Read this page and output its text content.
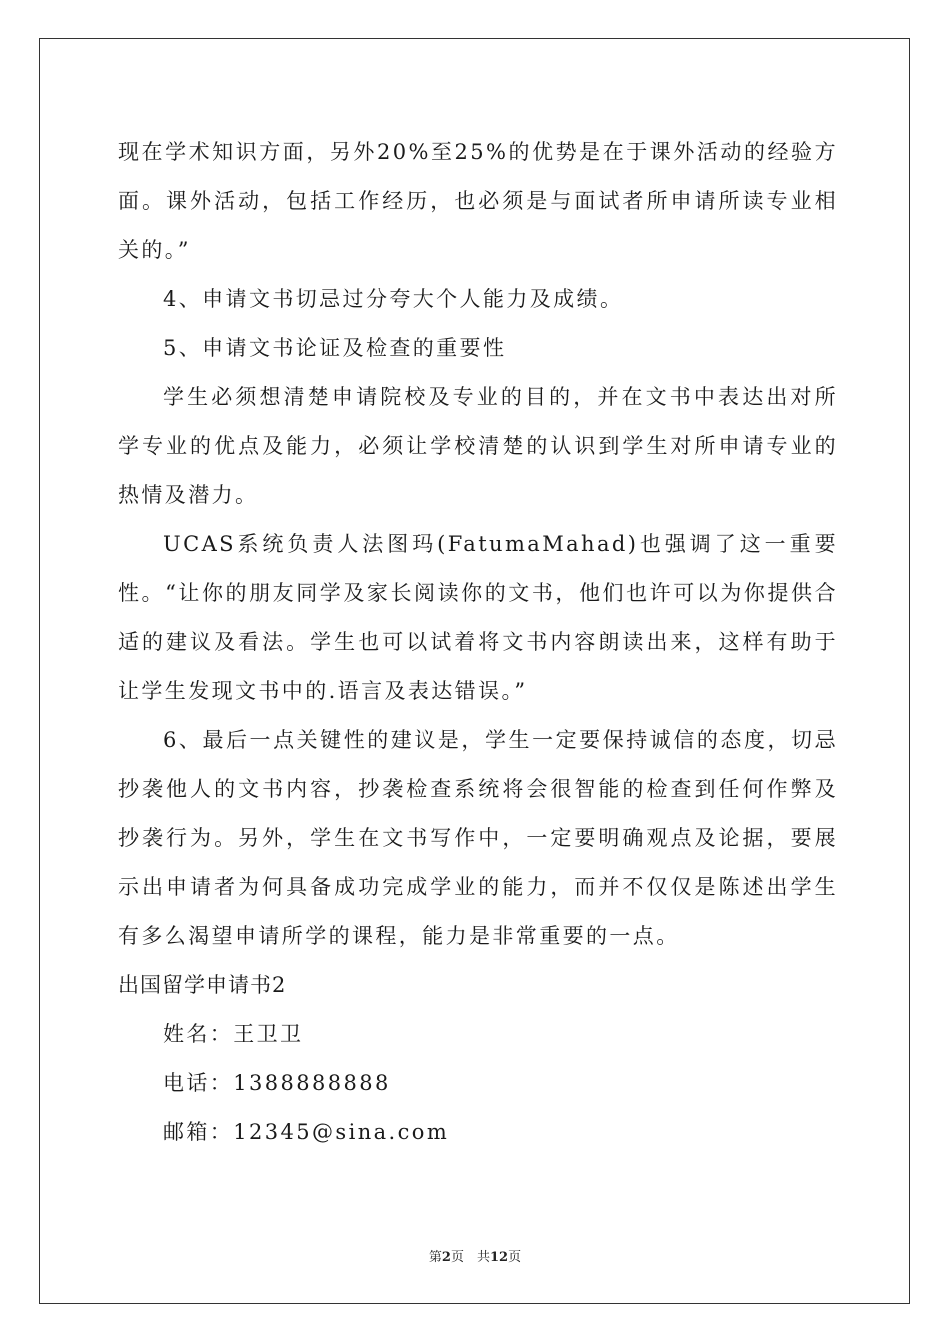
现在学术知识方面，另外20%至25%的优势是在于课外活动的经验方面。课外活动，包括工作经历，也必须是与面试者所申请所读专业相关的。”

4、申请文书切忌过分夸大个人能力及成绩。

5、申请文书论证及检查的重要性

学生必须想清楚申请院校及专业的目的，并在文书中表达出对所学专业的优点及能力，必须让学校清楚的认识到学生对所申请专业的热情及潜力。

UCAS系统负责人法图玛(FatumaMahad)也强调了这一重要性。“让你的朋友同学及家长阅读你的文书，他们也许可以为你提供合适的建议及看法。学生也可以试着将文书内容朗读出来，这样有助于让学生发现文书中的.语言及表达错误。”

6、最后一点关键性的建议是，学生一定要保持诚信的态度，切忌抄袭他人的文书内容，抄袭检查系统将会很智能的检查到任何作弊及抄袭行为。另外，学生在文书写作中，一定要明确观点及论据，要展示出申请者为何具备成功完成学业的能力，而并不仅仅是陈述出学生有多么渴望申请所学的课程，能力是非常重要的一点。

出国留学申请书2

姓名：王卫卫

电话：1388888888

邮箱：12345@sina.com

第2页　共12页
